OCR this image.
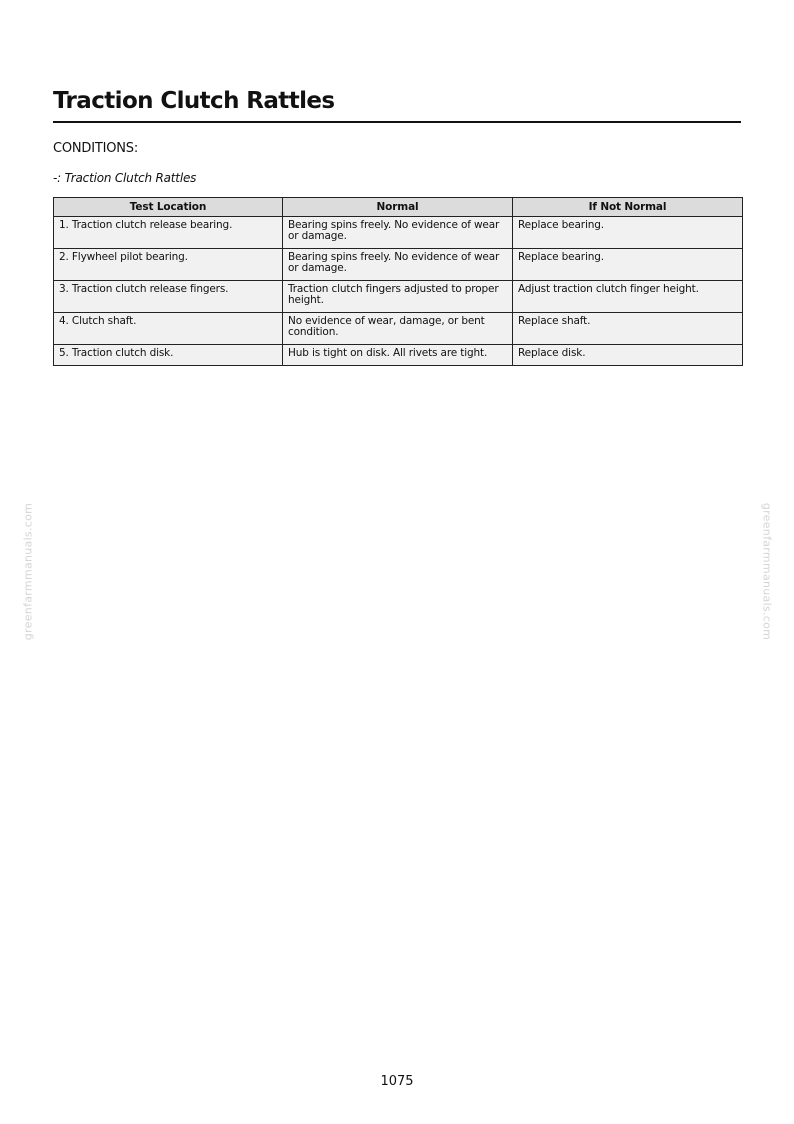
Traction Clutch Rattles
CONDITIONS:
-: Traction Clutch Rattles
Test Location	Normal	If Not Normal
1. Traction clutch release bearing.	Bearing spins freely. No evidence of wear or damage.	Replace bearing.
2. Flywheel pilot bearing.	Bearing spins freely. No evidence of wear or damage.	Replace bearing.
3. Traction clutch release fingers.	Traction clutch fingers adjusted to proper height.	Adjust traction clutch finger height.
4. Clutch shaft.	No evidence of wear, damage, or bent condition.	Replace shaft.
5. Traction clutch disk.	Hub is tight on disk. All rivets are tight.	Replace disk.
greenfarmmanuals.com	greenfarmmanuals.com
1075
